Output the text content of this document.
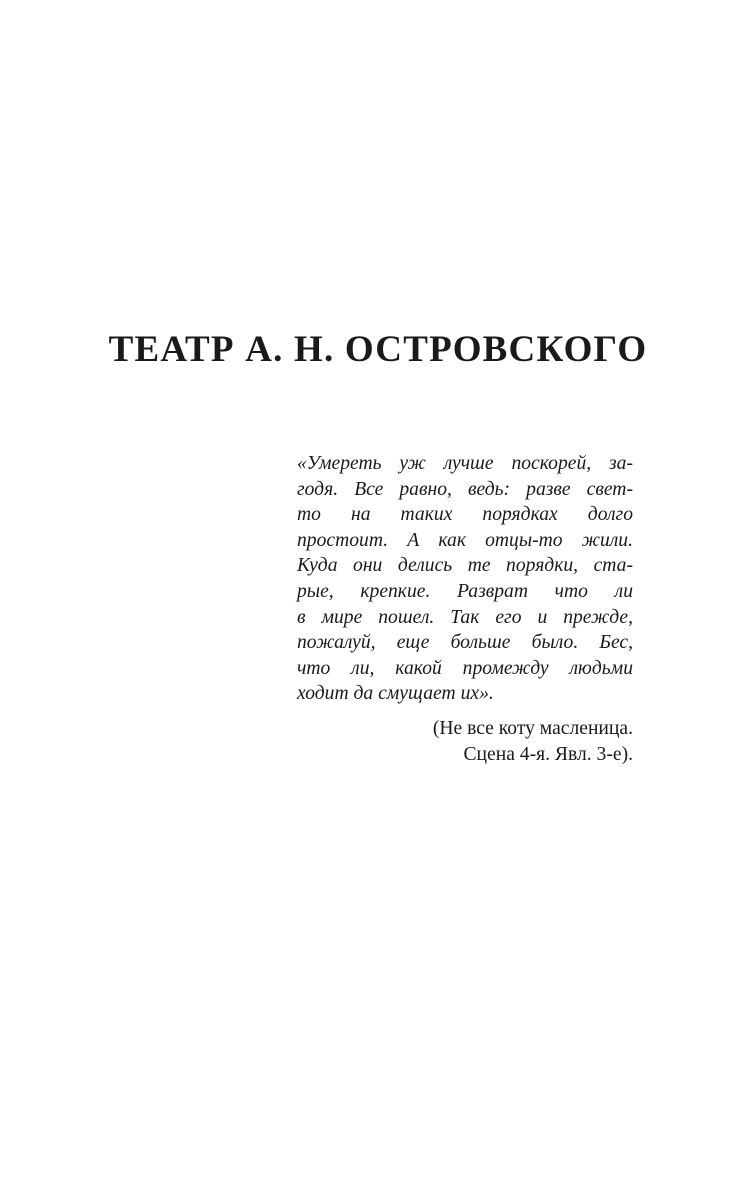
ТЕАТР А. Н. ОСТРОВСКОГО
«Умереть уж лучше поскорей, за-
годя. Все равно, ведь: разве свет-
то на таких порядках долго
простоит. А как отцы-то жили.
Куда они делись те порядки, ста-
рые, крепкие. Разврат что ли
в мире пошел. Так его и прежде,
пожалуй, еще больше было. Бес,
что ли, какой промежду людьми
ходит да смущает их».
(Не все коту масленица.
Сцена 4-я. Явл. 3-е).
